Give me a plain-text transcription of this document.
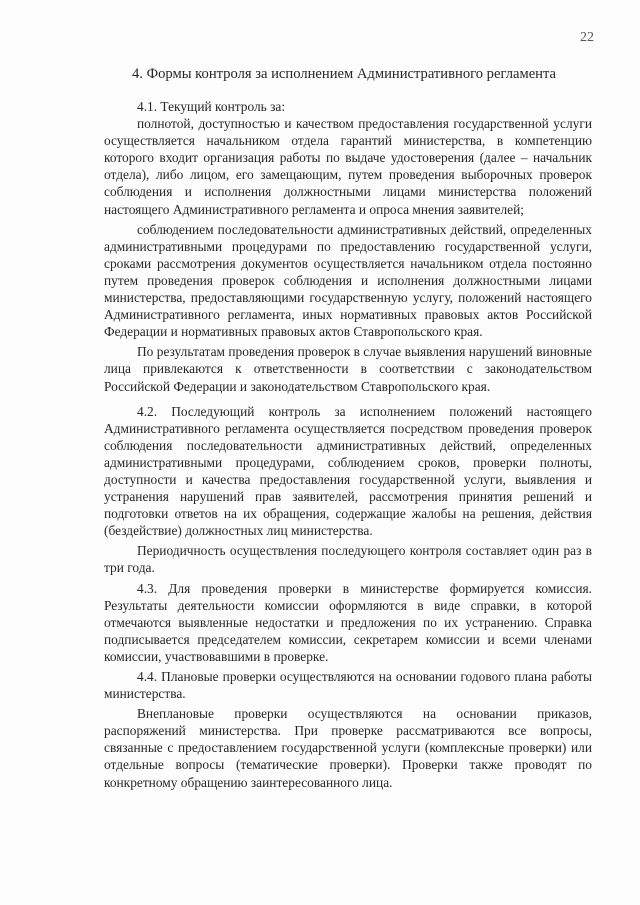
22
4. Формы контроля за исполнением Административного регламента

4.1. Текущий контроль за:

полнотой, доступностью и качеством предоставления государственной услуги осуществляется начальником отдела гарантий министерства, в компетенцию которого входит организация работы по выдаче удостоверения (далее – начальник отдела), либо лицом, его замещающим, путем проведения выборочных проверок соблюдения и исполнения должностными лицами министерства положений настоящего Административного регламента и опроса мнения заявителей;

соблюдением последовательности административных действий, определенных административными процедурами по предоставлению государственной услуги, сроками рассмотрения документов осуществляется начальником отдела постоянно путем проведения проверок соблюдения и исполнения должностными лицами министерства, предоставляющими государственную услугу, положений настоящего Административного регламента, иных нормативных правовых актов Российской Федерации и нормативных правовых актов Ставропольского края.

По результатам проведения проверок в случае выявления нарушений виновные лица привлекаются к ответственности в соответствии с законодательством Российской Федерации и законодательством Ставропольского края.

4.2. Последующий контроль за исполнением положений настоящего Административного регламента осуществляется посредством проведения проверок соблюдения последовательности административных действий, определенных административными процедурами, соблюдением сроков, проверки полноты, доступности и качества предоставления государственной услуги, выявления и устранения нарушений прав заявителей, рассмотрения принятия решений и подготовки ответов на их обращения, содержащие жалобы на решения, действия (бездействие) должностных лиц министерства.

Периодичность осуществления последующего контроля составляет один раз в три года.

4.3. Для проведения проверки в министерстве формируется комиссия. Результаты деятельности комиссии оформляются в виде справки, в которой отмечаются выявленные недостатки и предложения по их устранению. Справка подписывается председателем комиссии, секретарем комиссии и всеми членами комиссии, участвовавшими в проверке.

4.4. Плановые проверки осуществляются на основании годового плана работы министерства.

Внеплановые проверки осуществляются на основании приказов, распоряжений министерства. При проверке рассматриваются все вопросы, связанные с предоставлением государственной услуги (комплексные проверки) или отдельные вопросы (тематические проверки). Проверки также проводят по конкретному обращению заинтересованного лица.
